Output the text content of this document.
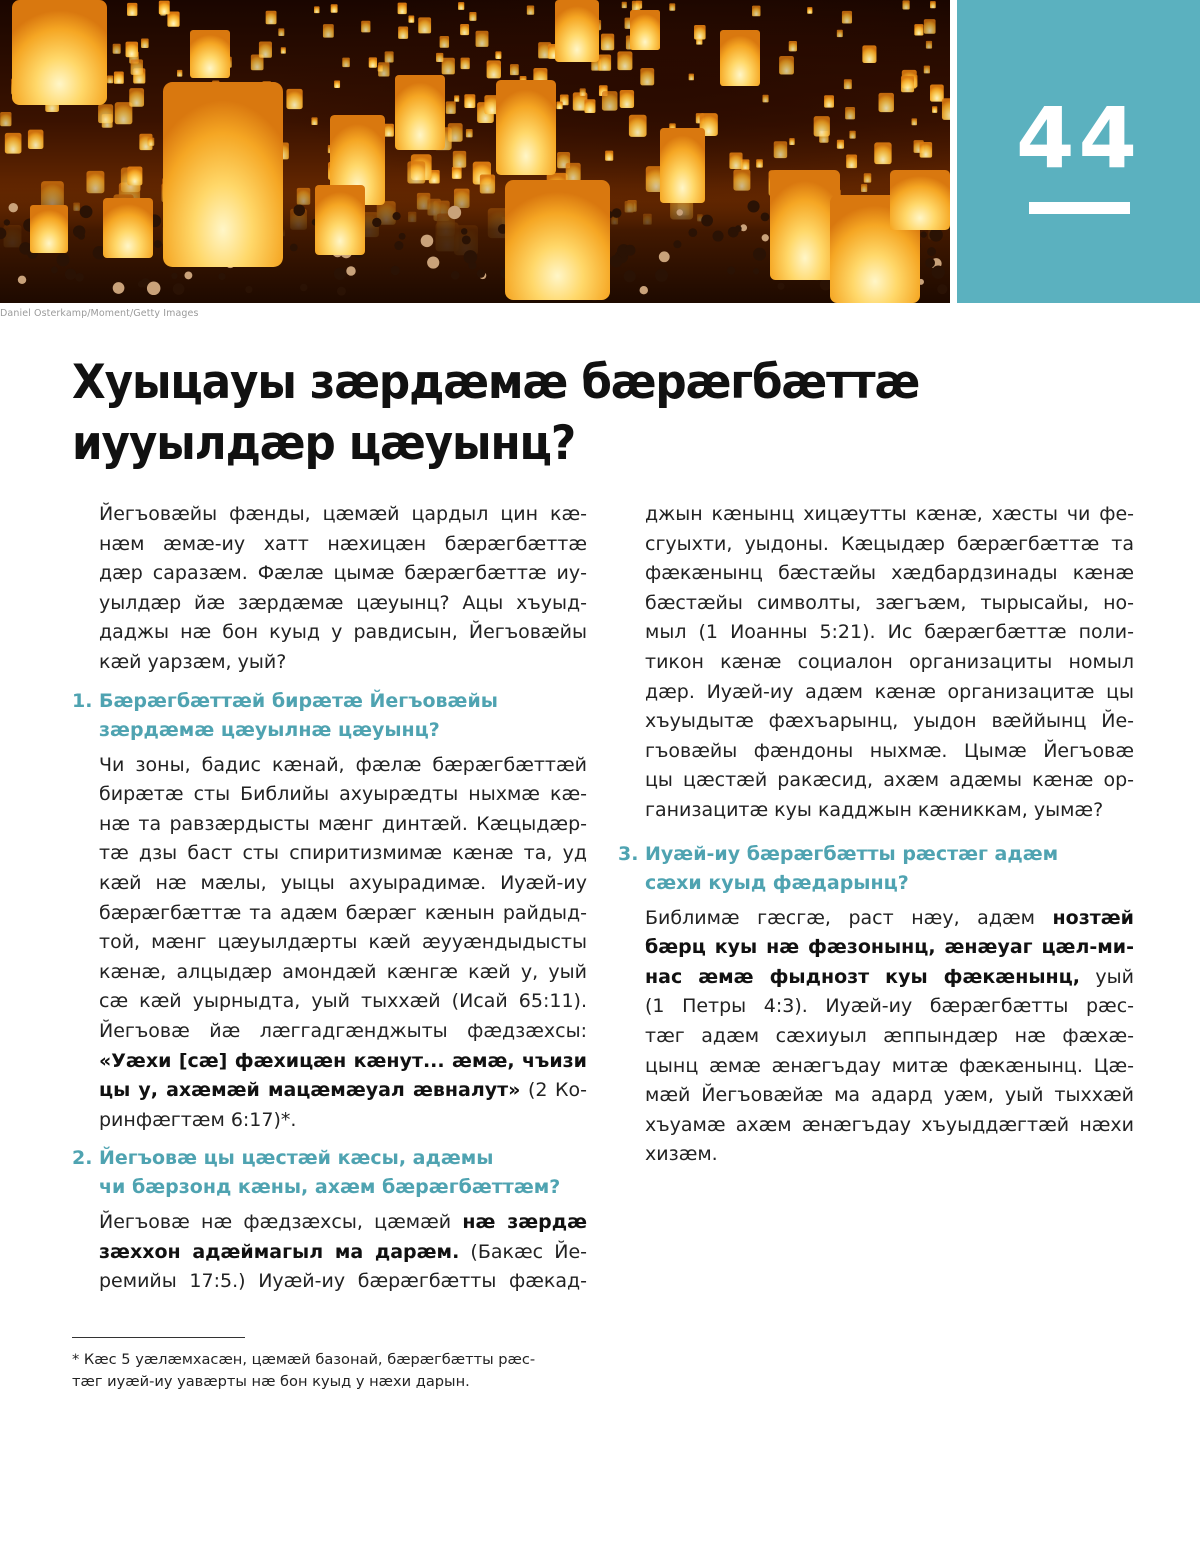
Daniel Osterkamp/Moment/Getty Images
44
Хуыцауы зæрдæмæ бæрæгбæттæ
иууылдæр цæуынц?
Йегъовæйы фæнды, цæмæй цардыл цин кæ-
нæм æмæ-иу хатт нæхицæн бæрæгбæттæ
дæр саразæм. Фæлæ цымæ бæрæгбæттæ иу-
уылдæр йæ зæрдæмæ цæуынц? Ацы хъуыд-
даджы нæ бон куыд у равдисын, Йегъовæйы
кæй уарзæм, уый?
1. Бæрæгбæттæй бирæтæ Йегъовæйы
зæрдæмæ цæуылнæ цæуынц?
Чи зоны, бадис кæнай, фæлæ бæрæгбæттæй
бирæтæ сты Библийы ахуырæдты ныхмæ кæ-
нæ та равзæрдысты мæнг динтæй. Кæцыдæр-
тæ дзы баст сты спиритизмимæ кæнæ та, уд
кæй нæ мæлы, уыцы ахуырадимæ. Иуæй-иу
бæрæгбæттæ та адæм бæрæг кæнын райдыд-
той, мæнг цæуылдæрты кæй æууæндыдысты
кæнæ, алцыдæр амондæй кæнгæ кæй у, уый
сæ кæй уырныдта, уый тыххæй (Исай 65:11).
Йегъовæ йæ лæггадгæнджыты фæдзæхсы:
«Уæхи [сæ] фæхицæн кæнут... æмæ, чъизи
цы у, ахæмæй мацæмæуал æвналут» (2 Ко-
ринфæгтæм 6:17)*.
2. Йегъовæ цы цæстæй кæсы, адæмы
чи бæрзонд кæны, ахæм бæрæгбæттæм?
Йегъовæ нæ фæдзæхсы, цæмæй нæ зæрдæ
зæххон адæймагыл ма дарæм. (Бакæс Йе-
ремийы 17:5.) Иуæй-иу бæрæгбæтты фæкад-
джын кæнынц хицæутты кæнæ, хæсты чи фе-
сгуыхти, уыдоны. Кæцыдæр бæрæгбæттæ та
фæкæнынц бæстæйы хæдбардзинады кæнæ
бæстæйы символты, зæгъæм, тырысайы, но-
мыл (1 Иоанны 5:21). Ис бæрæгбæттæ поли-
тикон кæнæ социалон организациты номыл
дæр. Иуæй-иу адæм кæнæ организацитæ цы
хъуыдытæ фæхъарынц, уыдон вæййынц Йе-
гъовæйы фæндоны ныхмæ. Цымæ Йегъовæ
цы цæстæй ракæсид, ахæм адæмы кæнæ ор-
ганизацитæ куы кадджын кæниккам, уымæ?
3. Иуæй-иу бæрæгбæтты рæстæг адæм
сæхи куыд фæдарынц?
Библимæ гæсгæ, раст нæу, адæм нозтæй
бæрц куы нæ фæзонынц, æнæуаг цæл-ми-
нас æмæ фыднозт куы фæкæнынц, уый
(1 Петры 4:3). Иуæй-иу бæрæгбæтты рæс-
тæг адæм сæхиуыл æппындæр нæ фæхæ-
цынц æмæ æнæгъдау митæ фæкæнынц. Цæ-
мæй Йегъовæйæ ма адард уæм, уый тыххæй
хъуамæ ахæм æнæгъдау хъуыддæгтæй нæхи
хизæм.
* Кæс 5 уæлæмхасæн, цæмæй базонай, бæрæгбæтты рæс-
тæг иуæй-иу уавæрты нæ бон куыд у нæхи дарын.
